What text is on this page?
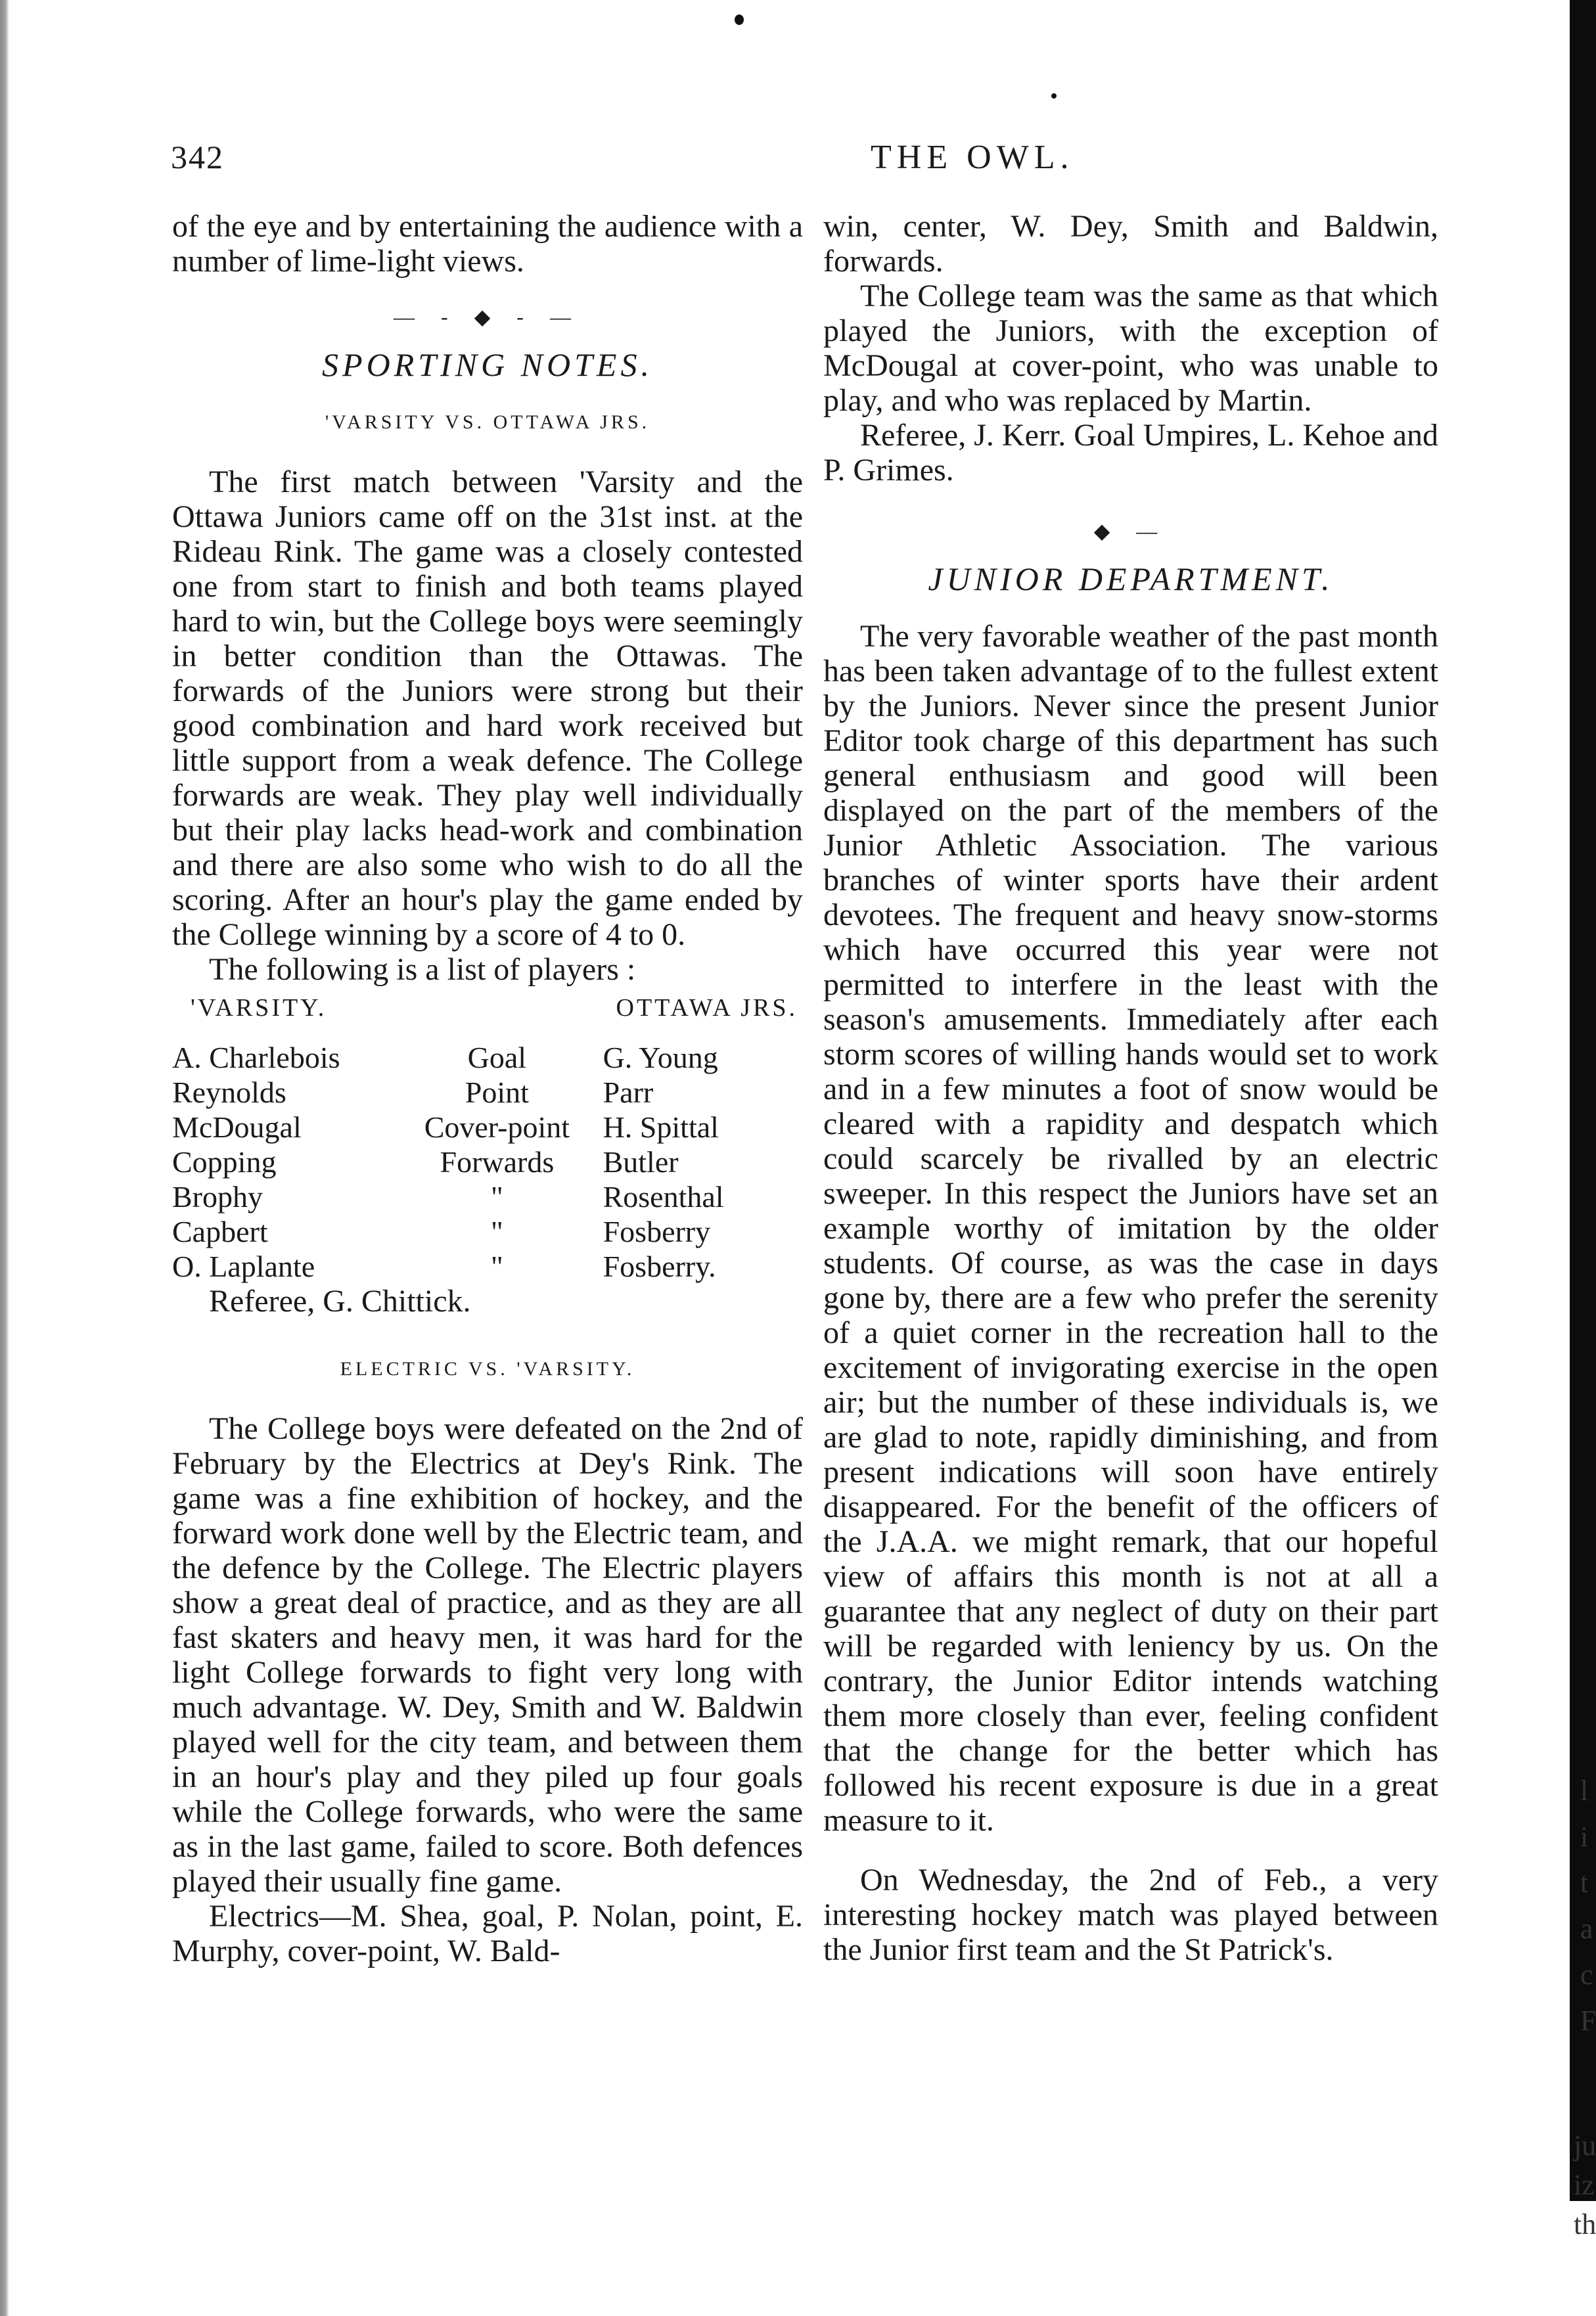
342	THE OWL.

of the eye and by entertaining the audience with a number of lime-light views.

— - ◆ - —
SPORTING NOTES.
'VARSITY VS. OTTAWA JRS.

The first match between 'Varsity and the Ottawa Juniors came off on the 31st inst. at the Rideau Rink. The game was a closely contested one from start to finish and both teams played hard to win, but the College boys were seemingly in better condition than the Ottawas. The forwards of the Juniors were strong but their good combination and hard work received but little support from a weak defence. The College forwards are weak. They play well individually but their play lacks head-work and combination and there are also some who wish to do all the scoring. After an hour's play the game ended by the College winning by a score of 4 to 0.

The following is a list of players :

'VARSITY.	OTTAWA JRS.
A. Charlebois	Goal	G. Young
Reynolds	Point	Parr
McDougal	Cover-point	H. Spittal
Copping	Forwards	Butler
Brophy	"	Rosenthal
Capbert	"	Fosberry
O. Laplante	"	Fosberry.
Referee, G. Chittick.
ELECTRIC VS. 'VARSITY.

The College boys were defeated on the 2nd of February by the Electrics at Dey's Rink. The game was a fine exhibition of hockey, and the forward work done well by the Electric team, and the defence by the College. The Electric players show a great deal of practice, and as they are all fast skaters and heavy men, it was hard for the light College forwards to fight very long with much advantage. W. Dey, Smith and W. Baldwin played well for the city team, and between them in an hour's play and they piled up four goals while the College forwards, who were the same as in the last game, failed to score. Both defences played their usually fine game.

Electrics—M. Shea, goal, P. Nolan, point, E. Murphy, cover-point, W. Bald-

win, center, W. Dey, Smith and Baldwin, forwards.

The College team was the same as that which played the Juniors, with the exception of McDougal at cover-point, who was unable to play, and who was replaced by Martin.

Referee, J. Kerr. Goal Umpires, L. Kehoe and P. Grimes.

◆ —
JUNIOR DEPARTMENT.

The very favorable weather of the past month has been taken advantage of to the fullest extent by the Juniors. Never since the present Junior Editor took charge of this department has such general enthusiasm and good will been displayed on the part of the members of the Junior Athletic Association. The various branches of winter sports have their ardent devotees. The frequent and heavy snow-storms which have occurred this year were not permitted to interfere in the least with the season's amusements. Immediately after each storm scores of willing hands would set to work and in a few minutes a foot of snow would be cleared with a rapidity and despatch which could scarcely be rivalled by an electric sweeper. In this respect the Juniors have set an example worthy of imitation by the older students. Of course, as was the case in days gone by, there are a few who prefer the serenity of a quiet corner in the recreation hall to the excitement of invigorating exercise in the open air; but the number of these individuals is, we are glad to note, rapidly diminishing, and from present indications will soon have entirely disappeared. For the benefit of the officers of the J.A.A. we might remark, that our hopeful view of affairs this month is not at all a guarantee that any neglect of duty on their part will be regarded with leniency by us. On the contrary, the Junior Editor intends watching them more closely than ever, feeling confident that the change for the better which has followed his recent exposure is due in a great measure to it.

On Wednesday, the 2nd of Feb., a very interesting hockey match was played between the Junior first team and the St Patrick's.

l
i
t
a
c
F
ju
iz
th
